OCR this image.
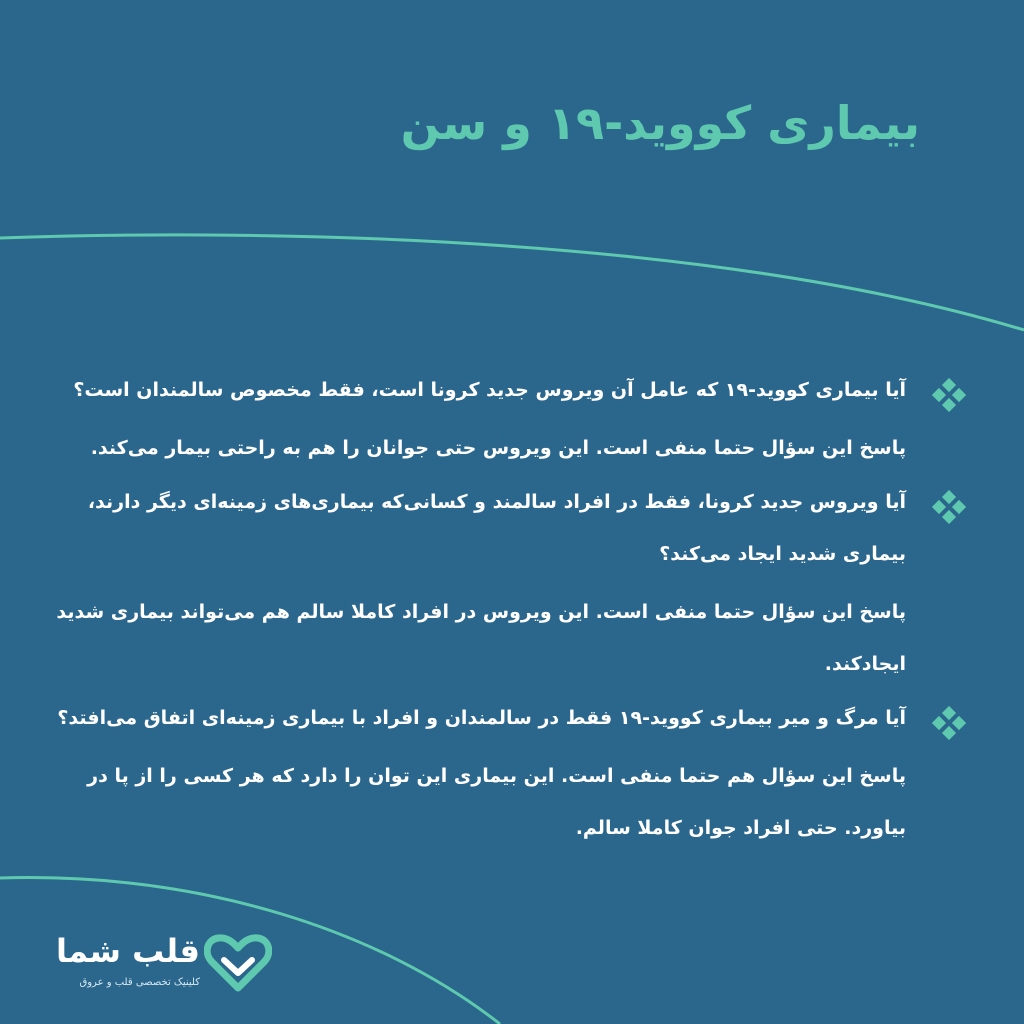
بیماری کووید-۱۹ و سن
آیا بیماری کووید-۱۹ که عامل آن ویروس جدید کرونا است، فقط مخصوص سالمندان است؟
پاسخ این سؤال حتما منفی است. این ویروس حتی جوانان را هم به راحتی بیمار می‌کند.
آیا ویروس جدید کرونا، فقط در افراد سالمند و کسانی‌که بیماری‌های زمینه‌ای دیگر دارند، بیماری شدید ایجاد می‌کند؟
پاسخ این سؤال حتما منفی است. این ویروس در افراد کاملا سالم هم می‌تواند بیماری شدید ایجادکند.
آیا مرگ و میر بیماری کووید-۱۹ فقط در سالمندان و افراد با بیماری زمینه‌ای اتفاق می‌افتد؟
پاسخ این سؤال هم حتما منفی است. این بیماری این توان را دارد که هر کسی را از پا در بیاورد. حتی افراد جوان کاملا سالم.
قلب شما
کلینیک تخصصی قلب و عروق
